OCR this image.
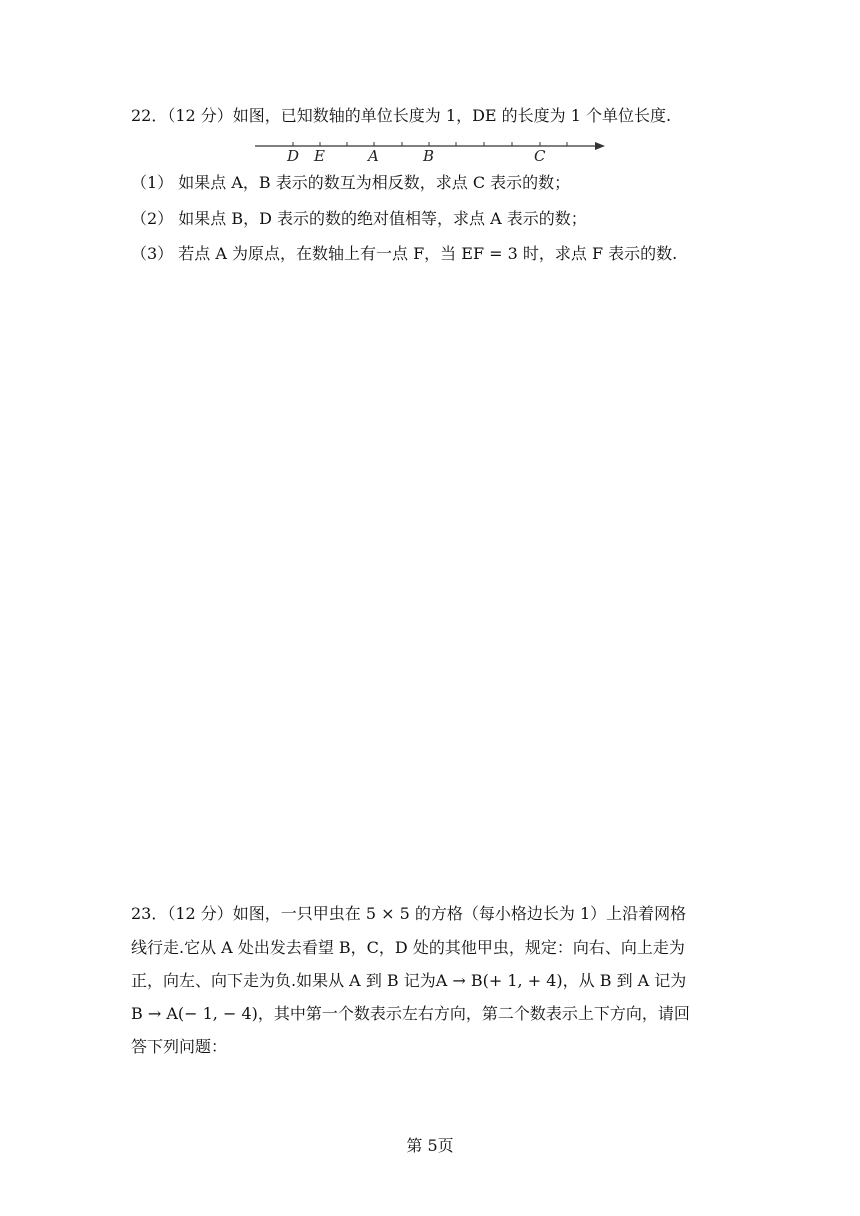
22．（12 分）如图，已知数轴的单位长度为 1，DE 的长度为 1 个单位长度.
D E	A	B	C
（1） 如果点 A，B 表示的数互为相反数，求点 C 表示的数；
（2） 如果点 B，D 表示的数的绝对值相等，求点 A 表示的数；
（3） 若点 A 为原点，在数轴上有一点 F，当 EF = 3 时，求点 F 表示的数.
23．（12 分）如图，一只甲虫在 5 × 5 的方格（每小格边长为 1）上沿着网格
线行走.它从 A 处出发去看望 B，C，D 处的其他甲虫，规定：向右、向上走为
正，向左、向下走为负.如果从 A 到 B 记为A → B(+ 1, + 4)，从 B 到 A 记为
B → A(− 1, − 4)，其中第一个数表示左右方向，第二个数表示上下方向，请回
答下列问题：
第 5页
